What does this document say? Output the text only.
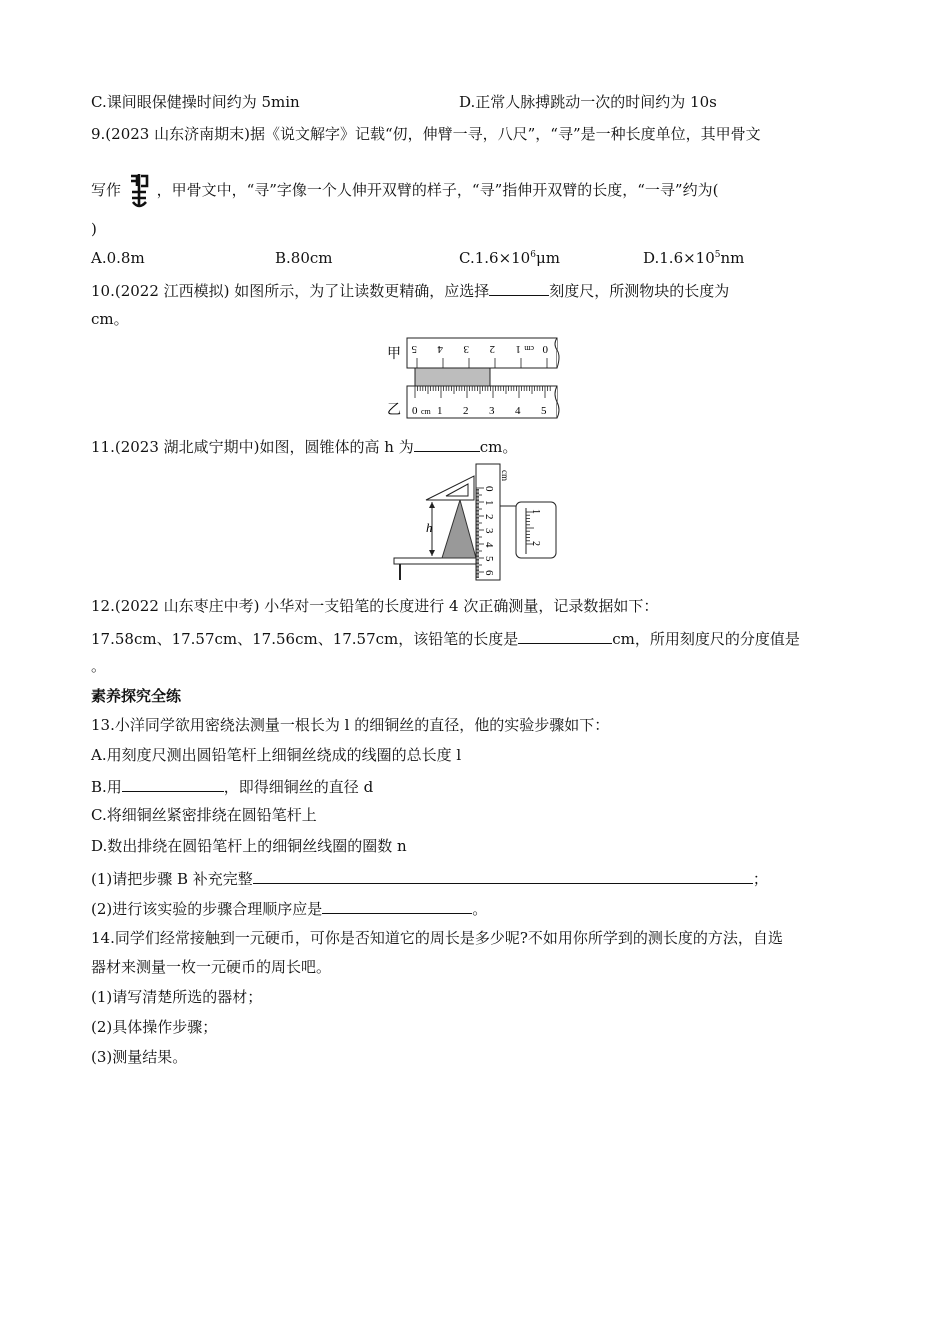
C.课间眼保健操时间约为 5min	D.正常人脉搏跳动一次的时间约为 10s
9.(2023 山东济南期末)据《说文解字》记载“仞，伸臂一寻，八尺”，“寻”是一种长度单位，其甲骨文
写作 ，甲骨文中，“寻”字像一个人伸开双臂的样子，“寻”指伸开双臂的长度，“一寻”约为(
)
A.0.8m	B.80cm	$C.1.6\times 10^6\mu m$	$D.1.6\times 10^5nm$
10.(2022 江西模拟) 如图所示，为了让读数更精确，应选择	刻度尺，所测物块的长度为
cm。
甲
乙
0
cm
1
2
3
4
5
0 cm 1 2 3 4 5
11.(2023 湖北咸宁期中)如图，圆锥体的高 h 为	cm。
h
cm
0
1
2
3
4
5
6
1
2
12.(2022 山东枣庄中考) 小华对一支铅笔的长度进行 4 次正确测量，记录数据如下：
17.58cm、17.57cm、17.56cm、17.57cm，该铅笔的长度是	cm，所用刻度尺的分度值是
。
素养探究全练
13.小洋同学欲用密绕法测量一根长为 l 的细铜丝的直径，他的实验步骤如下：
A.用刻度尺测出圆铅笔杆上细铜丝绕成的线圈的总长度 l
B.用	，即得细铜丝的直径 d
C.将细铜丝紧密排绕在圆铅笔杆上
D.数出排绕在圆铅笔杆上的细铜丝线圈的圈数 n
(1)请把步骤 B 补充完整	；
(2)进行该实验的步骤合理顺序应是	。
14.同学们经常接触到一元硬币，可你是否知道它的周长是多少呢?不如用你所学到的测长度的方法，自选
器材来测量一枚一元硬币的周长吧。
(1)请写清楚所选的器材；
(2)具体操作步骤；
(3)测量结果。
